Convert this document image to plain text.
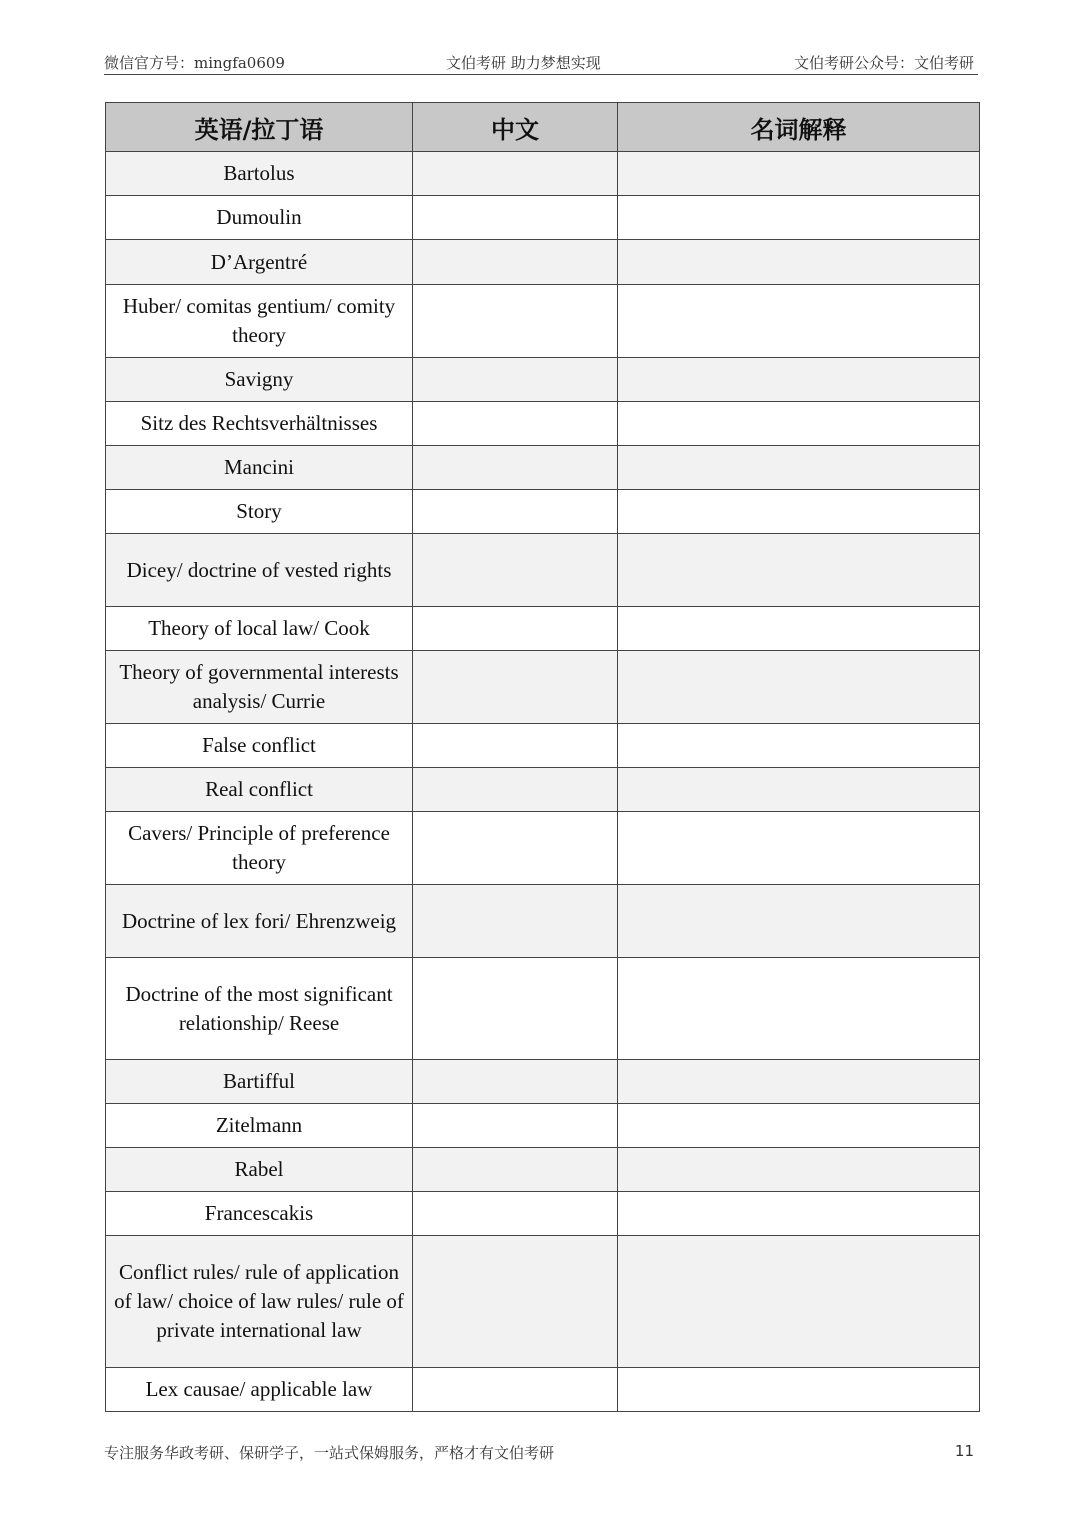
微信官方号：mingfa0609	文伯考研 助力梦想实现	文伯考研公众号：文伯考研
英语/拉丁语	中文	名词解释
Bartolus		
Dumoulin		
D’Argentré		
Huber/ comitas gentium/ comity theory		
Savigny		
Sitz des Rechtsverhältnisses		
Mancini		
Story		
Dicey/ doctrine of vested rights		
Theory of local law/ Cook		
Theory of governmental interests analysis/ Currie		
False conflict		
Real conflict		
Cavers/ Principle of preference theory		
Doctrine of lex fori/ Ehrenzweig		
Doctrine of the most significant relationship/ Reese		
Bartifful		
Zitelmann		
Rabel		
Francescakis		
Conflict rules/ rule of application of law/ choice of law rules/ rule of private international law		
Lex causae/ applicable law		
专注服务华政考研、保研学子，一站式保姆服务，严格才有文伯考研	11
